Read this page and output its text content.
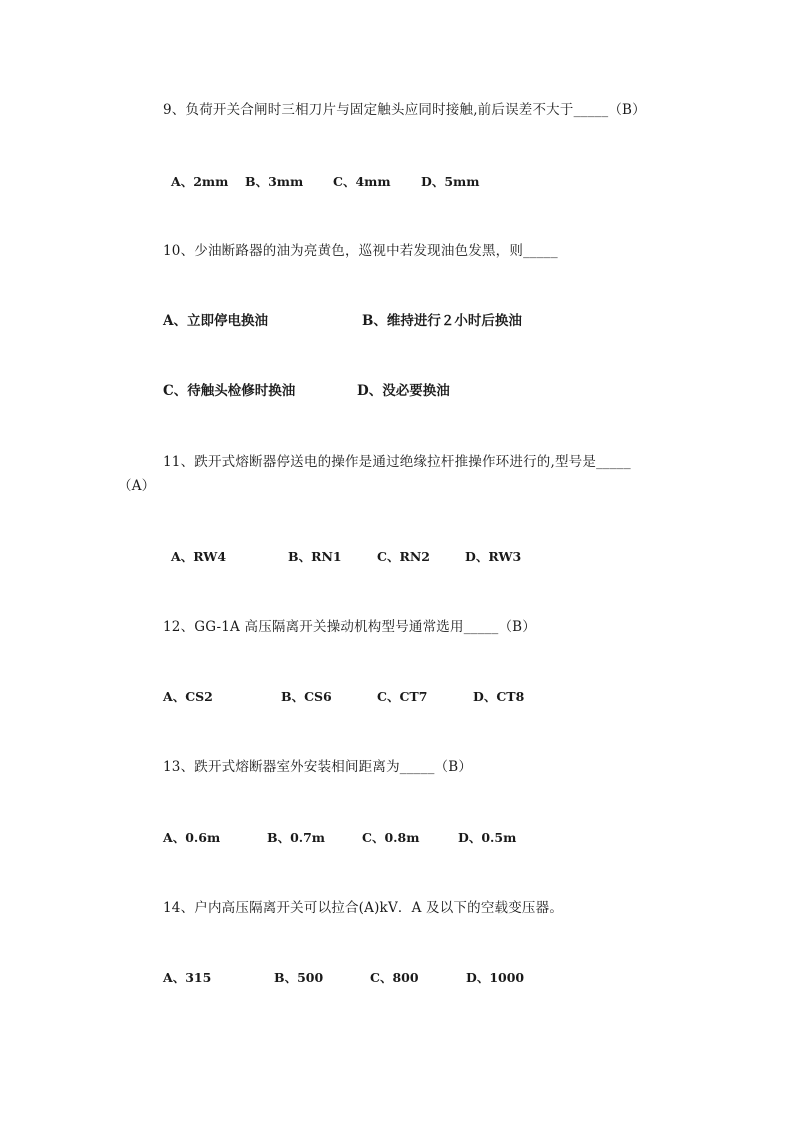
9、负荷开关合闸时三相刀片与固定触头应同时接触,前后误差不大于_____（B）
A、2mm B、3mm C、4mm D、5mm
10、少油断路器的油为亮黄色，巡视中若发现油色发黑，则_____
A、立即停电换油	B、维持进行２小时后换油
C、待触头检修时换油	D、没必要换油
11、跌开式熔断器停送电的操作是通过绝缘拉杆推操作环进行的,型号是_____
（A）
A、RW4	B、RN1	C、RN2	D、RW3
12、GG-1A 高压隔离开关操动机构型号通常选用_____（B）
A、CS2	B、CS6	C、CT7	D、CT8
13、跌开式熔断器室外安装相间距离为_____（B）
A、0.6m	B、0.7m	C、0.8m	D、0.5m
14、户内高压隔离开关可以拉合(A)kV．A 及以下的空载变压器。
A、315	B、500	C、800	D、1000
